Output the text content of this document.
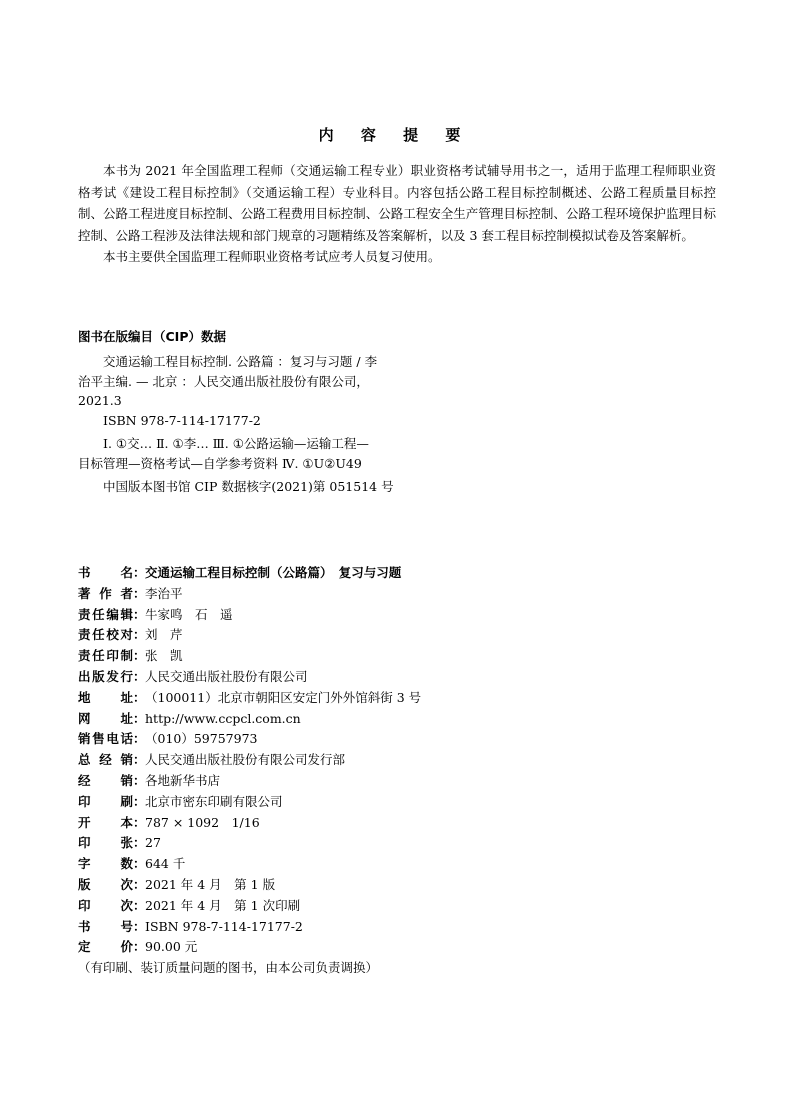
内 容 提 要

本书为 2021 年全国监理工程师（交通运输工程专业）职业资格考试辅导用书之一，适用于监理工程师职业资格考试《建设工程目标控制》（交通运输工程）专业科目。内容包括公路工程目标控制概述、公路工程质量目标控制、公路工程进度目标控制、公路工程费用目标控制、公路工程安全生产管理目标控制、公路工程环境保护监理目标控制、公路工程涉及法律法规和部门规章的习题精练及答案解析，以及 3 套工程目标控制模拟试卷及答案解析。

本书主要供全国监理工程师职业资格考试应考人员复习使用。

图书在版编目（CIP）数据
交通运输工程目标控制. 公路篇 ：复习与习题 / 李
治平主编. — 北京 ：人民交通出版社股份有限公司，
2021.3
ISBN 978-7-114-17177-2
Ⅰ. ①交… Ⅱ. ①李… Ⅲ. ①公路运输—运输工程—
目标管理—资格考试—自学参考资料 Ⅳ. ①U②U49
中国版本图书馆 CIP 数据核字(2021)第 051514 号
书 名 ： 交通运输工程目标控制（公路篇）　复习与习题
著 作 者 ： 李治平
责 任 编 辑 ： 牛家鸣　石　遥
责 任 校 对 ： 刘　芹
责 任 印 制 ： 张　凯
出 版 发 行 ： 人民交通出版社股份有限公司
地 址 ： （100011）北京市朝阳区安定门外外馆斜街 3 号
网 址 ： http://www.ccpcl.com.cn
销 售 电 话 ： （010）59757973
总 经 销 ： 人民交通出版社股份有限公司发行部
经 销 ： 各地新华书店
印 刷 ： 北京市密东印刷有限公司
开 本 ： 787 × 1092　1/16
印 张 ： 27
字 数 ： 644 千
版 次 ： 2021 年 4 月　第 1 版
印 次 ： 2021 年 4 月　第 1 次印刷
书 号 ： ISBN 978-7-114-17177-2
定 价 ： 90.00 元
（有印刷、装订质量问题的图书，由本公司负责调换）
